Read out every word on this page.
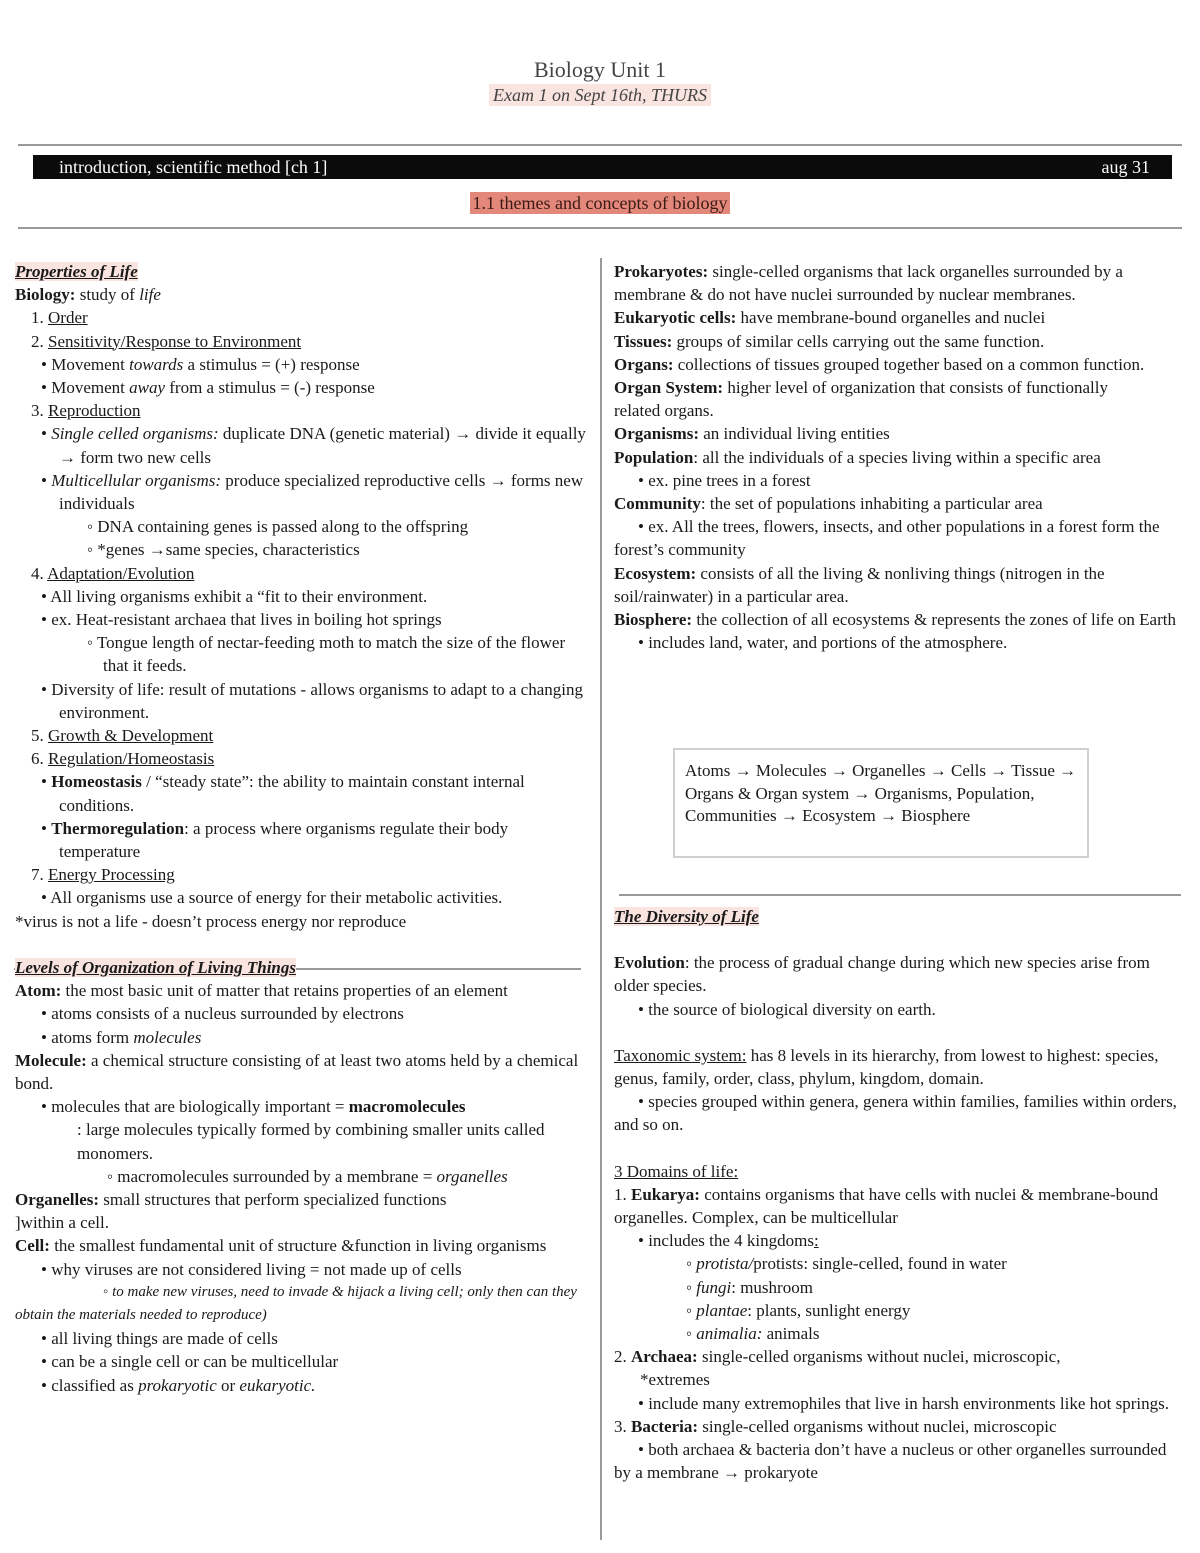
Biology Unit 1
Exam 1 on Sept 16th, THURS
introduction, scientific method [ch 1]	aug 31
1.1 themes and concepts of biology

Properties of Life

Biology: study of life

1. Order

2. Sensitivity/Response to Environment

• Movement towards a stimulus = (+) response

• Movement away from a stimulus = (-) response

3. Reproduction

• Single celled organisms: duplicate DNA (genetic material) → divide it equally → form two new cells

• Multicellular organisms: produce specialized reproductive cells → forms new individuals

◦ DNA containing genes is passed along to the offspring

◦ *genes →same species, characteristics

4. Adaptation/Evolution

• All living organisms exhibit a “fit to their environment.

• ex. Heat-resistant archaea that lives in boiling hot springs

◦ Tongue length of nectar-feeding moth to match the size of the flower that it feeds.

• Diversity of life: result of mutations - allows organisms to adapt to a changing environment.

5. Growth & Development

6. Regulation/Homeostasis

• Homeostasis / “steady state”: the ability to maintain constant internal conditions.

• Thermoregulation: a process where organisms regulate their body temperature

7. Energy Processing

• All organisms use a source of energy for their metabolic activities.

*virus is not a life - doesn’t process energy nor reproduce

Levels of Organization of Living Things

Atom: the most basic unit of matter that retains properties of an element

• atoms consists of a nucleus surrounded by electrons

• atoms form molecules

Molecule: a chemical structure consisting of at least two atoms held by a chemical bond.

• molecules that are biologically important = macromolecules

: large molecules typically formed by combining smaller units called monomers.

◦ macromolecules surrounded by a membrane = organelles

Organelles: small structures that perform specialized functions

]within a cell.

Cell: the smallest fundamental unit of structure &function in living organisms

• why viruses are not considered living = not made up of cells

◦ to make new viruses, need to invade & hijack a living cell; only then can they obtain the materials needed to reproduce)

• all living things are made of cells

• can be a single cell or can be multicellular

• classified as prokaryotic or eukaryotic.

Prokaryotes: single-celled organisms that lack organelles surrounded by a membrane & do not have nuclei surrounded by nuclear membranes.

Eukaryotic cells: have membrane-bound organelles and nuclei

Tissues: groups of similar cells carrying out the same function.

Organs: collections of tissues grouped together based on a common function.

Organ System: higher level of organization that consists of functionally related organs.

Organisms: an individual living entities

Population: all the individuals of a species living within a specific area

• ex. pine trees in a forest

Community: the set of populations inhabiting a particular area

• ex. All the trees, flowers, insects, and other populations in a forest form the forest’s community

Ecosystem: consists of all the living & nonliving things (nitrogen in the soil/rainwater) in a particular area.

Biosphere: the collection of all ecosystems & represents the zones of life on Earth

• includes land, water, and portions of the atmosphere.

Atoms → Molecules → Organelles → Cells → Tissue → Organs & Organ system → Organisms, Population, Communities → Ecosystem → Biosphere

The Diversity of Life

Evolution: the process of gradual change during which new species arise from older species.

• the source of biological diversity on earth.

Taxonomic system: has 8 levels in its hierarchy, from lowest to highest: species, genus, family, order, class, phylum, kingdom, domain.

• species grouped within genera, genera within families, families within orders, and so on.

3 Domains of life:

1. Eukarya: contains organisms that have cells with nuclei & membrane-bound organelles. Complex, can be multicellular

• includes the 4 kingdoms:

◦ protista/protists: single-celled, found in water

◦ fungi: mushroom

◦ plantae: plants, sunlight energy

◦ animalia: animals

2. Archaea: single-celled organisms without nuclei, microscopic,

*extremes

• include many extremophiles that live in harsh environments like hot springs.

3. Bacteria: single-celled organisms without nuclei, microscopic

• both archaea & bacteria don’t have a nucleus or other organelles surrounded by a membrane → prokaryote
